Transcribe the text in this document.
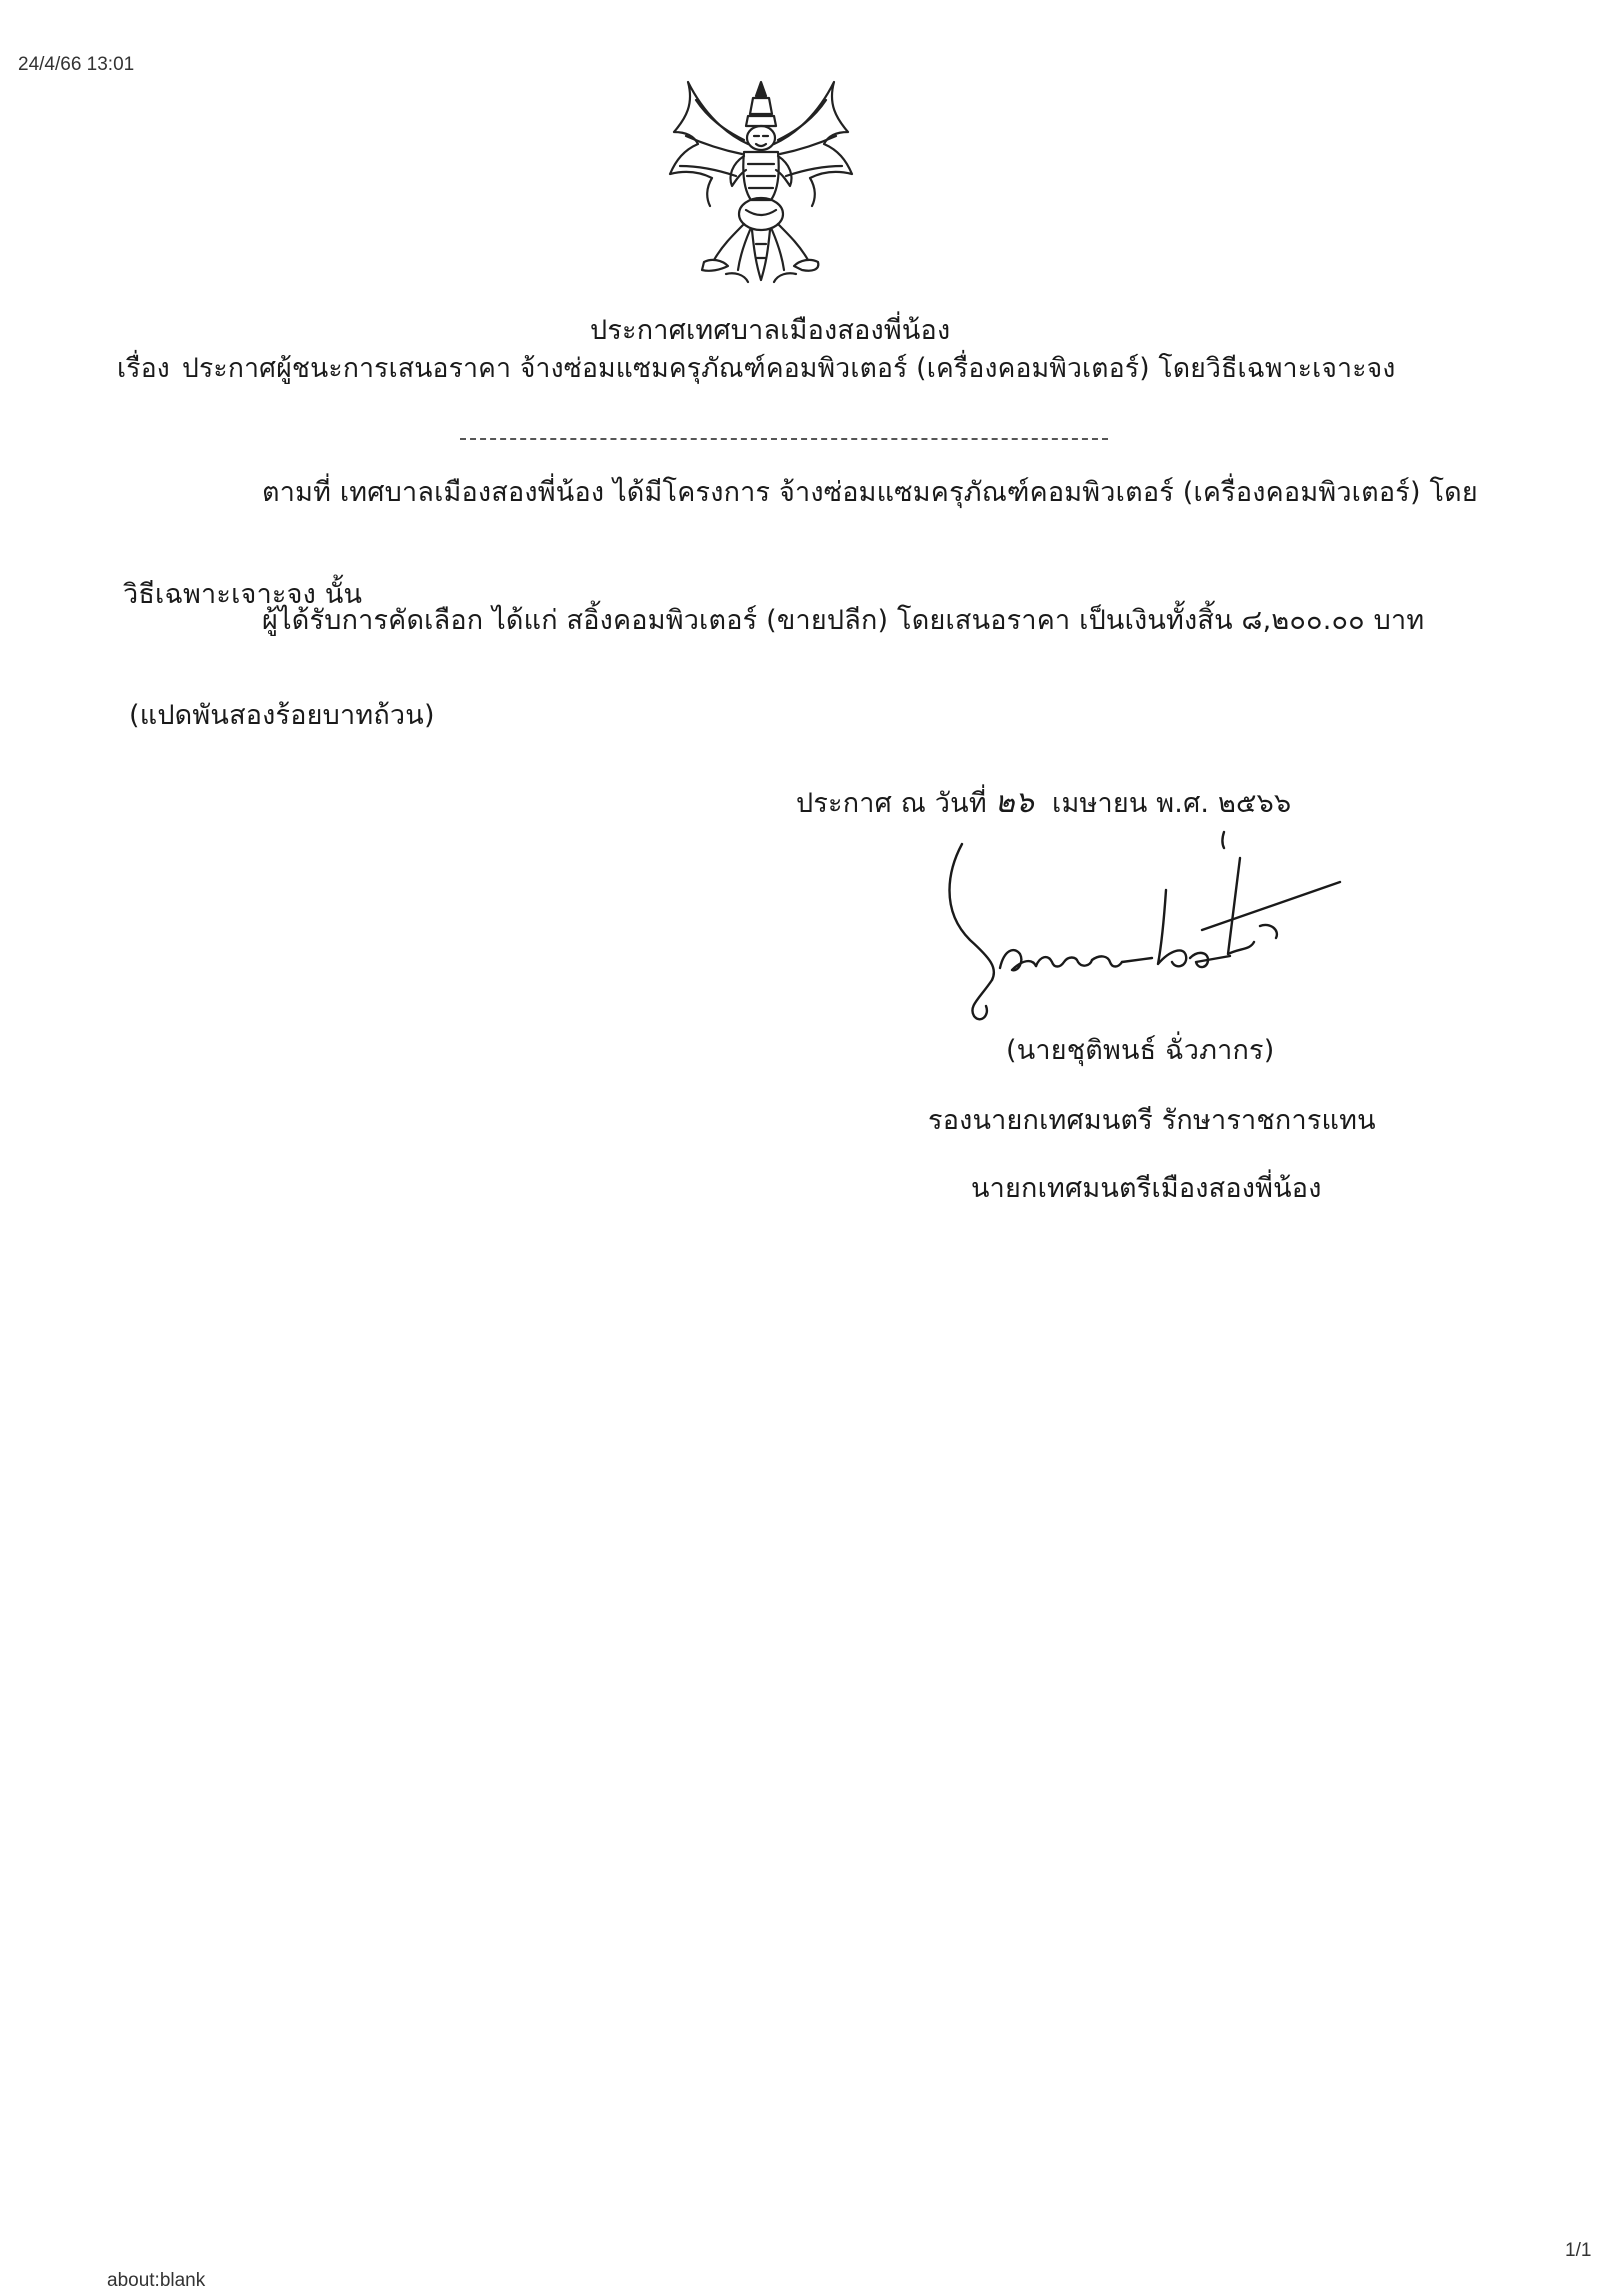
24/4/66 13:01
ประกาศเทศบาลเมืองสองพี่น้อง
เรื่อง ประกาศผู้ชนะการเสนอราคา จ้างซ่อมแซมครุภัณฑ์คอมพิวเตอร์ (เครื่องคอมพิวเตอร์) โดยวิธีเฉพาะเจาะจง
ตามที่ เทศบาลเมืองสองพี่น้อง ได้มีโครงการ จ้างซ่อมแซมครุภัณฑ์คอมพิวเตอร์ (เครื่องคอมพิวเตอร์) โดย
วิธีเฉพาะเจาะจง นั้น
ผู้ได้รับการคัดเลือก ได้แก่ สอิ้งคอมพิวเตอร์ (ขายปลีก) โดยเสนอราคา เป็นเงินทั้งสิ้น ๘,๒๐๐.๐๐ บาท
(แปดพันสองร้อยบาทถ้วน)
ประกาศ ณ วันที่ ๒๖ เมษายน พ.ศ. ๒๕๖๖
(นายชุติพนธ์ ฉั่วภากร)
รองนายกเทศมนตรี รักษาราชการแทน
นายกเทศมนตรีเมืองสองพี่น้อง
1/1
about:blank
